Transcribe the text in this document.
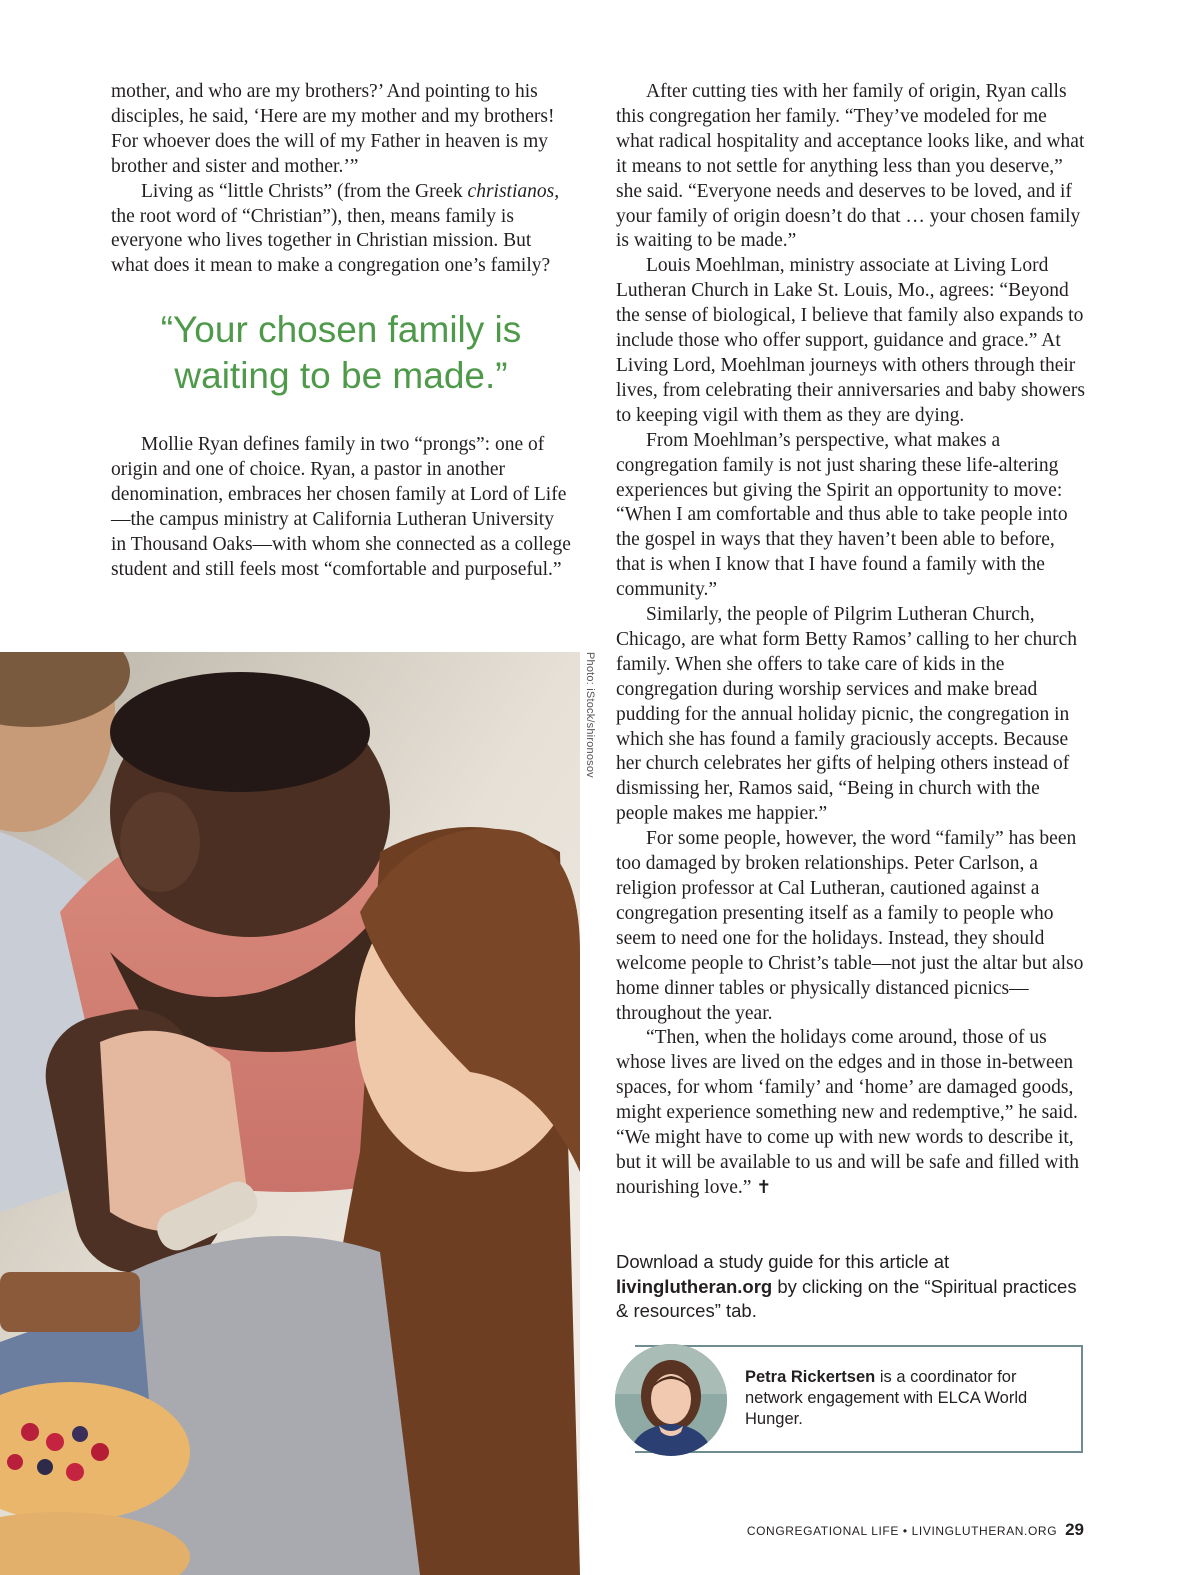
mother, and who are my brothers?’ And pointing to his disciples, he said, ‘Here are my mother and my brothers! For whoever does the will of my Father in heaven is my brother and sister and mother.’”

Living as “little Christs” (from the Greek christianos, the root word of “Christian”), then, means family is everyone who lives together in Christian mission. But what does it mean to make a congregation one’s family?

“Your chosen family is waiting to be made.”

Mollie Ryan defines family in two “prongs”: one of origin and one of choice. Ryan, a pastor in another denomination, embraces her chosen family at Lord of Life—the campus ministry at California Lutheran University in Thousand Oaks—with whom she connected as a college student and still feels most “comfortable and purposeful.”

After cutting ties with her family of origin, Ryan calls this congregation her family. “They’ve modeled for me what radical hospitality and acceptance looks like, and what it means to not settle for anything less than you deserve,” she said. “Everyone needs and deserves to be loved, and if your family of origin doesn’t do that … your chosen family is waiting to be made.”

Louis Moehlman, ministry associate at Living Lord Lutheran Church in Lake St. Louis, Mo., agrees: “Beyond the sense of biological, I believe that family also expands to include those who offer support, guidance and grace.” At Living Lord, Moehlman journeys with others through their lives, from celebrating their anniversaries and baby showers to keeping vigil with them as they are dying.

From Moehlman’s perspective, what makes a congregation family is not just sharing these life-altering experiences but giving the Spirit an opportunity to move: “When I am comfortable and thus able to take people into the gospel in ways that they haven’t been able to before, that is when I know that I have found a family with the community.”

Similarly, the people of Pilgrim Lutheran Church, Chicago, are what form Betty Ramos’ calling to her church family. When she offers to take care of kids in the congregation during worship services and make bread pudding for the annual holiday picnic, the congregation in which she has found a family graciously accepts. Because her church celebrates her gifts of helping others instead of dismissing her, Ramos said, “Being in church with the people makes me happier.”

For some people, however, the word “family” has been too damaged by broken relationships. Peter Carlson, a religion professor at Cal Lutheran, cautioned against a congregation presenting itself as a family to people who seem to need one for the holidays. Instead, they should welcome people to Christ’s table—not just the altar but also home dinner tables or physically distanced picnics—throughout the year.

“Then, when the holidays come around, those of us whose lives are lived on the edges and in those in-between spaces, for whom ‘family’ and ‘home’ are damaged goods, might experience something new and redemptive,” he said. “We might have to come up with new words to describe it, but it will be available to us and will be safe and filled with nourishing love.” ✝

Photo: iStock/shironosov
Download a study guide for this article at livinglutheran.org by clicking on the “Spiritual practices & resources” tab.
Petra Rickertsen is a coordinator for network engagement with ELCA World Hunger.
CONGREGATIONAL LIFE • LIVINGLUTHERAN.ORG 29
